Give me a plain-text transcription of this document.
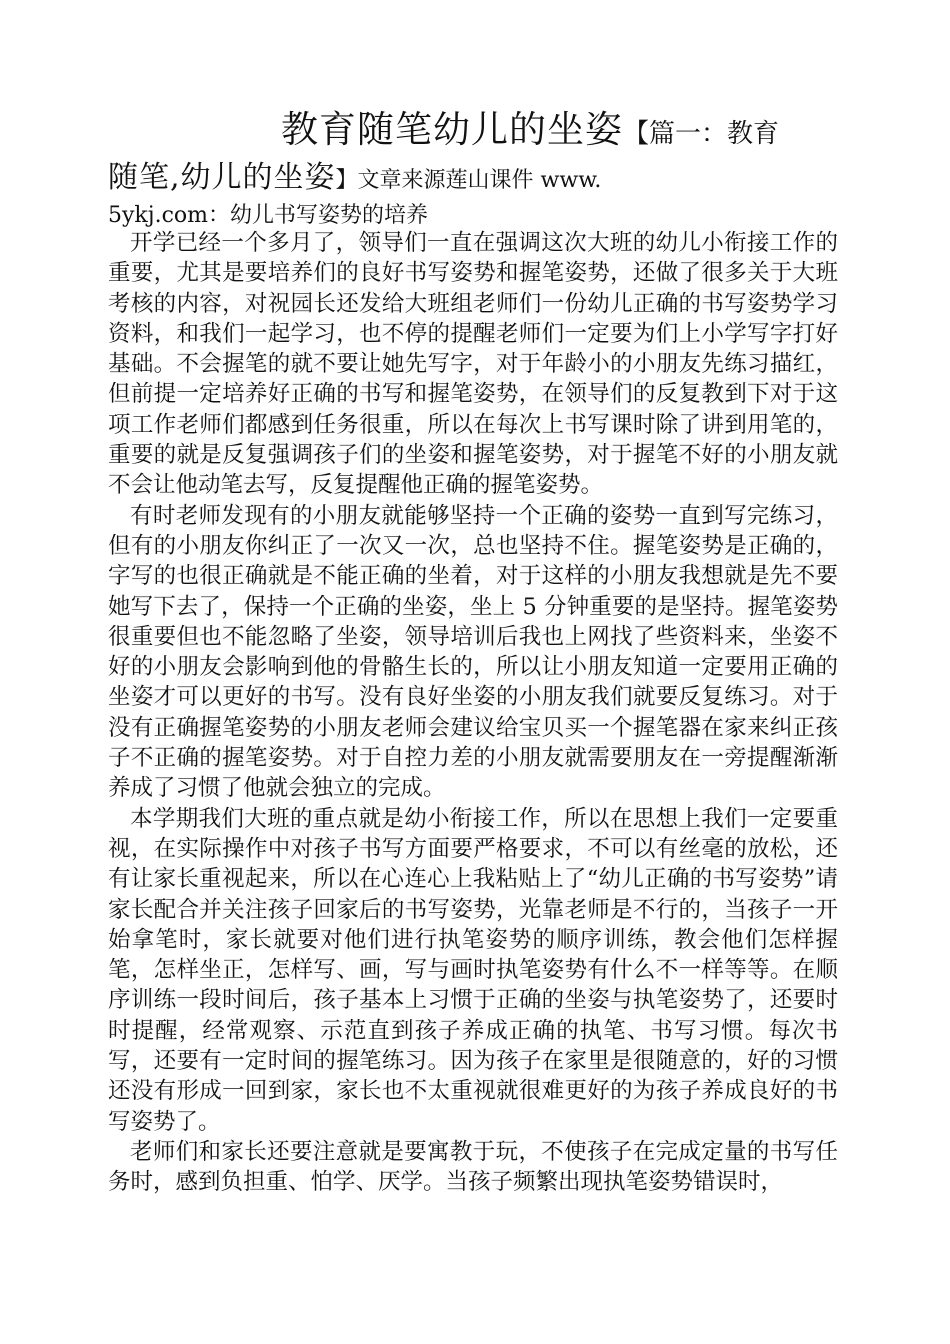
教育随笔幼儿的坐姿【篇一：教育
随笔,幼儿的坐姿】文章来源莲山课件 www.
5ykj.com：幼儿书写姿势的培养

开学已经一个多月了，领导们一直在强调这次大班的幼儿小衔接工作的重要，尤其是要培养们的良好书写姿势和握笔姿势，还做了很多关于大班考核的内容，对祝园长还发给大班组老师们一份幼儿正确的书写姿势学习资料，和我们一起学习，也不停的提醒老师们一定要为们上小学写字打好基础。不会握笔的就不要让她先写字，对于年龄小的小朋友先练习描红，但前提一定培养好正确的书写和握笔姿势，在领导们的反复教到下对于这项工作老师们都感到任务很重，所以在每次上书写课时除了讲到用笔的，重要的就是反复强调孩子们的坐姿和握笔姿势，对于握笔不好的小朋友就不会让他动笔去写，反复提醒他正确的握笔姿势。

有时老师发现有的小朋友就能够坚持一个正确的姿势一直到写完练习，但有的小朋友你纠正了一次又一次，总也坚持不住。握笔姿势是正确的，字写的也很正确就是不能正确的坐着，对于这样的小朋友我想就是先不要她写下去了，保持一个正确的坐姿，坐上 5 分钟重要的是坚持。握笔姿势很重要但也不能忽略了坐姿，领导培训后我也上网找了些资料来，坐姿不好的小朋友会影响到他的骨骼生长的，所以让小朋友知道一定要用正确的坐姿才可以更好的书写。没有良好坐姿的小朋友我们就要反复练习。对于没有正确握笔姿势的小朋友老师会建议给宝贝买一个握笔器在家来纠正孩子不正确的握笔姿势。对于自控力差的小朋友就需要朋友在一旁提醒渐渐养成了习惯了他就会独立的完成。

本学期我们大班的重点就是幼小衔接工作，所以在思想上我们一定要重视，在实际操作中对孩子书写方面要严格要求，不可以有丝毫的放松，还有让家长重视起来，所以在心连心上我粘贴上了“幼儿正确的书写姿势”请家长配合并关注孩子回家后的书写姿势，光靠老师是不行的，当孩子一开始拿笔时，家长就要对他们进行执笔姿势的顺序训练，教会他们怎样握笔，怎样坐正，怎样写、画，写与画时执笔姿势有什么不一样等等。在顺序训练一段时间后，孩子基本上习惯于正确的坐姿与执笔姿势了，还要时时提醒，经常观察、示范直到孩子养成正确的执笔、书写习惯。每次书写，还要有一定时间的握笔练习。因为孩子在家里是很随意的，好的习惯还没有形成一回到家，家长也不太重视就很难更好的为孩子养成良好的书写姿势了。

老师们和家长还要注意就是要寓教于玩，不使孩子在完成定量的书写任务时，感到负担重、怕学、厌学。当孩子频繁出现执笔姿势错误时，
